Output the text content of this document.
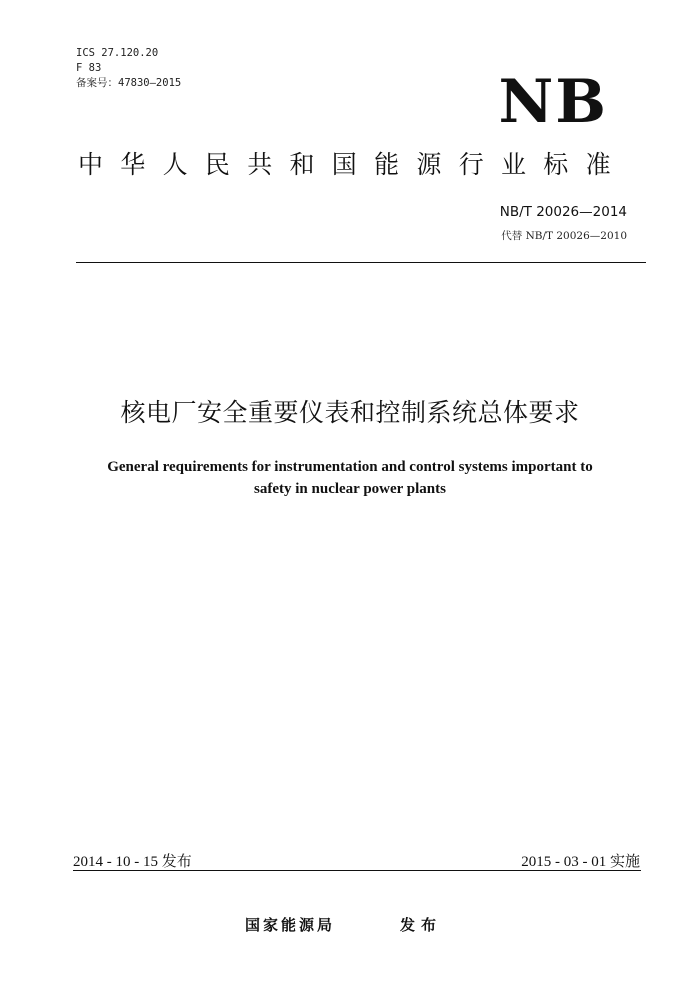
ICS 27.120.20
F 83
备案号：47830—2015	NB
中华人民共和国能源行业标准
NB/T 20026—2014
代替 NB/T 20026—2010
核电厂安全重要仪表和控制系统总体要求
General requirements for instrumentation and control systems important to
safety in nuclear power plants
2014 - 10 - 15 发布	2015 - 03 - 01 实施
国家能源局	发布
